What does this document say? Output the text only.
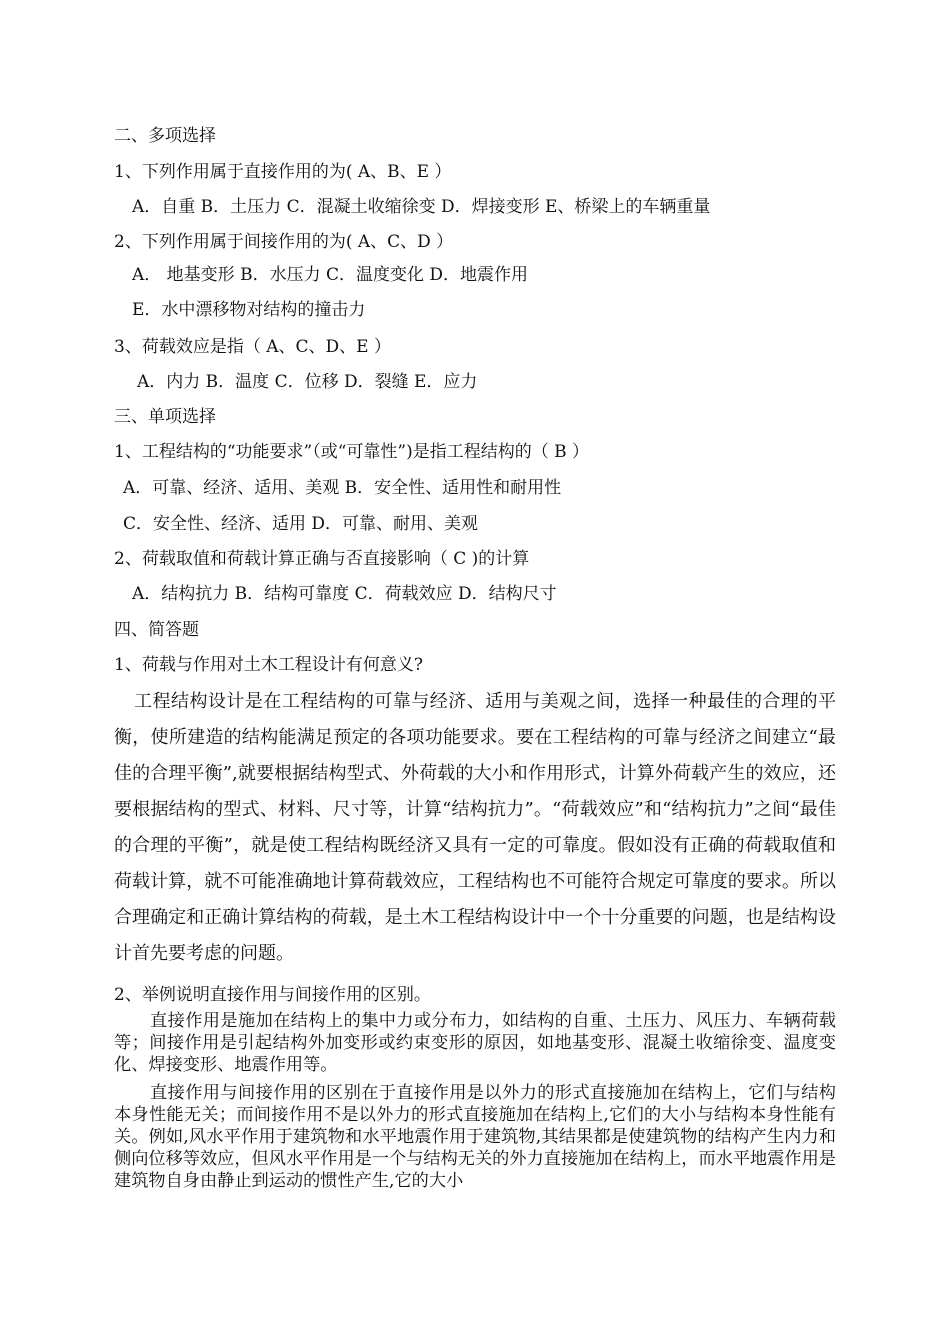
二、多项选择
1、下列作用属于直接作用的为( A、B、E ）
A．自重 B．土压力 C．混凝土收缩徐变 D．焊接变形 E、桥梁上的车辆重量
2、下列作用属于间接作用的为( A、C、D ）
A． 地基变形 B．水压力 C．温度变化 D．地震作用
E．水中漂移物对结构的撞击力
3、荷载效应是指（ A、C、D、E ）
A．内力 B．温度 C．位移 D．裂缝 E．应力
三、单项选择
1、工程结构的“功能要求”（或“可靠性”)是指工程结构的（ B ）
A．可靠、经济、适用、美观 B．安全性、适用性和耐用性
C．安全性、经济、适用 D．可靠、耐用、美观
2、荷载取值和荷载计算正确与否直接影响（ C )的计算
A．结构抗力 B．结构可靠度 C．荷载效应 D．结构尺寸
四、简答题
1、荷载与作用对土木工程设计有何意义?

工程结构设计是在工程结构的可靠与经济、适用与美观之间，选择一种最佳的合理的平衡，使所建造的结构能满足预定的各项功能要求。要在工程结构的可靠与经济之间建立“最佳的合理平衡”,就要根据结构型式、外荷载的大小和作用形式，计算外荷载产生的效应，还要根据结构的型式、材料、尺寸等，计算“结构抗力”。“荷载效应”和“结构抗力”之间“最佳的合理的平衡”，就是使工程结构既经济又具有一定的可靠度。假如没有正确的荷载取值和荷载计算，就不可能准确地计算荷载效应，工程结构也不可能符合规定可靠度的要求。所以合理确定和正确计算结构的荷载，是土木工程结构设计中一个十分重要的问题，也是结构设计首先要考虑的问题。

2、举例说明直接作用与间接作用的区别。

直接作用是施加在结构上的集中力或分布力，如结构的自重、土压力、风压力、车辆荷载等；间接作用是引起结构外加变形或约束变形的原因，如地基变形、混凝土收缩徐变、温度变化、焊接变形、地震作用等。

直接作用与间接作用的区别在于直接作用是以外力的形式直接施加在结构上，它们与结构本身性能无关；而间接作用不是以外力的形式直接施加在结构上,它们的大小与结构本身性能有关。例如,风水平作用于建筑物和水平地震作用于建筑物,其结果都是使建筑物的结构产生内力和侧向位移等效应，但风水平作用是一个与结构无关的外力直接施加在结构上，而水平地震作用是建筑物自身由静止到运动的惯性产生,它的大小
